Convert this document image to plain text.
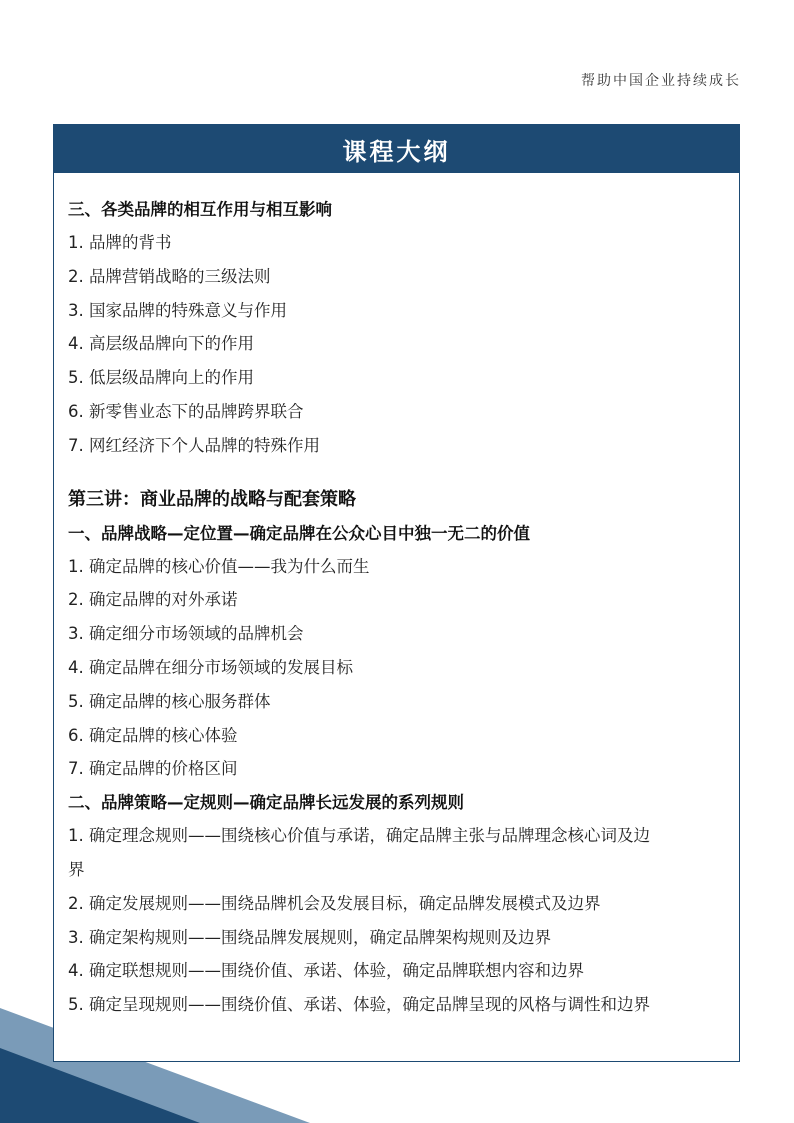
帮助中国企业持续成长
课程大纲
三、各类品牌的相互作用与相互影响
1. 品牌的背书
2. 品牌营销战略的三级法则
3. 国家品牌的特殊意义与作用
4. 高层级品牌向下的作用
5. 低层级品牌向上的作用
6. 新零售业态下的品牌跨界联合
7. 网红经济下个人品牌的特殊作用
第三讲：商业品牌的战略与配套策略
一、品牌战略—定位置—确定品牌在公众心目中独一无二的价值
1. 确定品牌的核心价值——我为什么而生
2. 确定品牌的对外承诺
3. 确定细分市场领域的品牌机会
4. 确定品牌在细分市场领域的发展目标
5. 确定品牌的核心服务群体
6. 确定品牌的核心体验
7. 确定品牌的价格区间
二、品牌策略—定规则—确定品牌长远发展的系列规则
1. 确定理念规则——围绕核心价值与承诺，确定品牌主张与品牌理念核心词及边
界
2. 确定发展规则——围绕品牌机会及发展目标，确定品牌发展模式及边界
3. 确定架构规则——围绕品牌发展规则，确定品牌架构规则及边界
4. 确定联想规则——围绕价值、承诺、体验，确定品牌联想内容和边界
5. 确定呈现规则——围绕价值、承诺、体验，确定品牌呈现的风格与调性和边界
